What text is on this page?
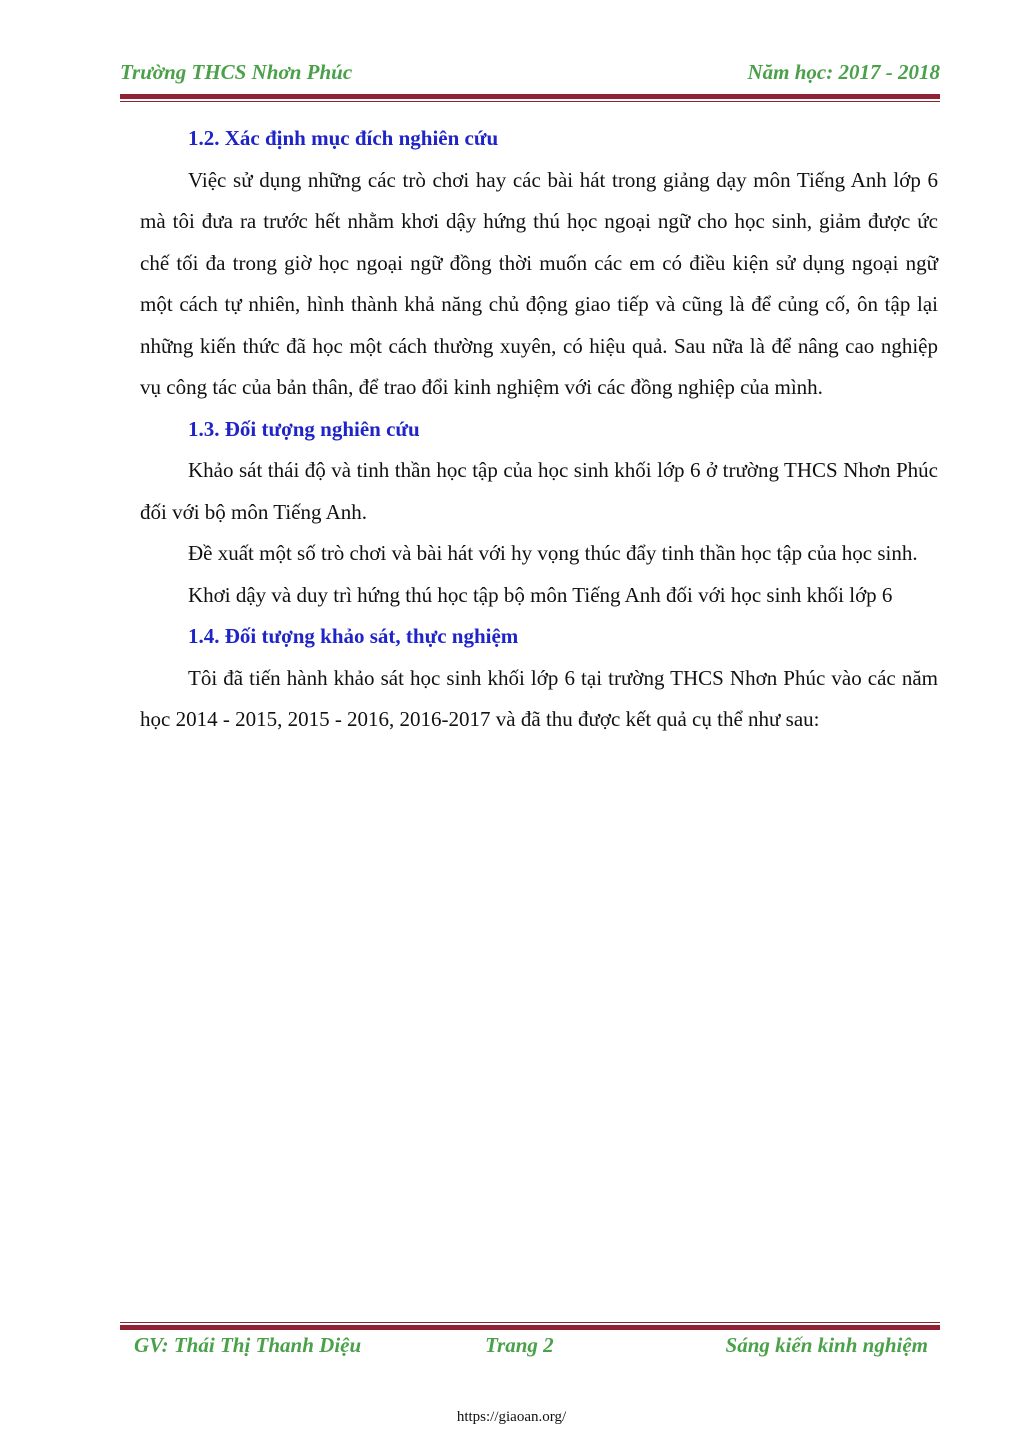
Trường THCS Nhơn Phúc	Năm học: 2017 - 2018
1.2. Xác định mục đích nghiên cứu

Việc sử dụng những các trò chơi hay các bài hát trong giảng dạy môn Tiếng Anh lớp 6 mà tôi đưa ra trước hết nhằm khơi dậy hứng thú học ngoại ngữ cho học sinh, giảm được ức chế tối đa trong giờ học ngoại ngữ đồng thời muốn các em có điều kiện sử dụng ngoại ngữ một cách tự nhiên, hình thành khả năng chủ động giao tiếp và cũng là để củng cố, ôn tập lại những kiến thức đã học một cách thường xuyên, có hiệu quả. Sau nữa là để nâng cao nghiệp vụ công tác của bản thân, để trao đổi kinh nghiệm với các đồng nghiệp của mình.

1.3. Đối tượng nghiên cứu

Khảo sát thái độ và tinh thần học tập của học sinh khối lớp 6 ở trường THCS Nhơn Phúc đối với bộ môn Tiếng Anh.

Đề xuất một số trò chơi và bài hát với hy vọng thúc đẩy tinh thần học tập của học sinh.

Khơi dậy và duy trì hứng thú học tập bộ môn Tiếng Anh đối với học sinh khối lớp 6

1.4. Đối tượng khảo sát, thực nghiệm

Tôi đã tiến hành khảo sát học sinh khối lớp 6 tại trường THCS Nhơn Phúc vào các năm học 2014 - 2015, 2015 - 2016, 2016-2017 và đã thu được kết quả cụ thể như sau:

GV: Thái Thị Thanh Diệu	Trang 2	Sáng kiến kinh nghiệm
https://giaoan.org/
